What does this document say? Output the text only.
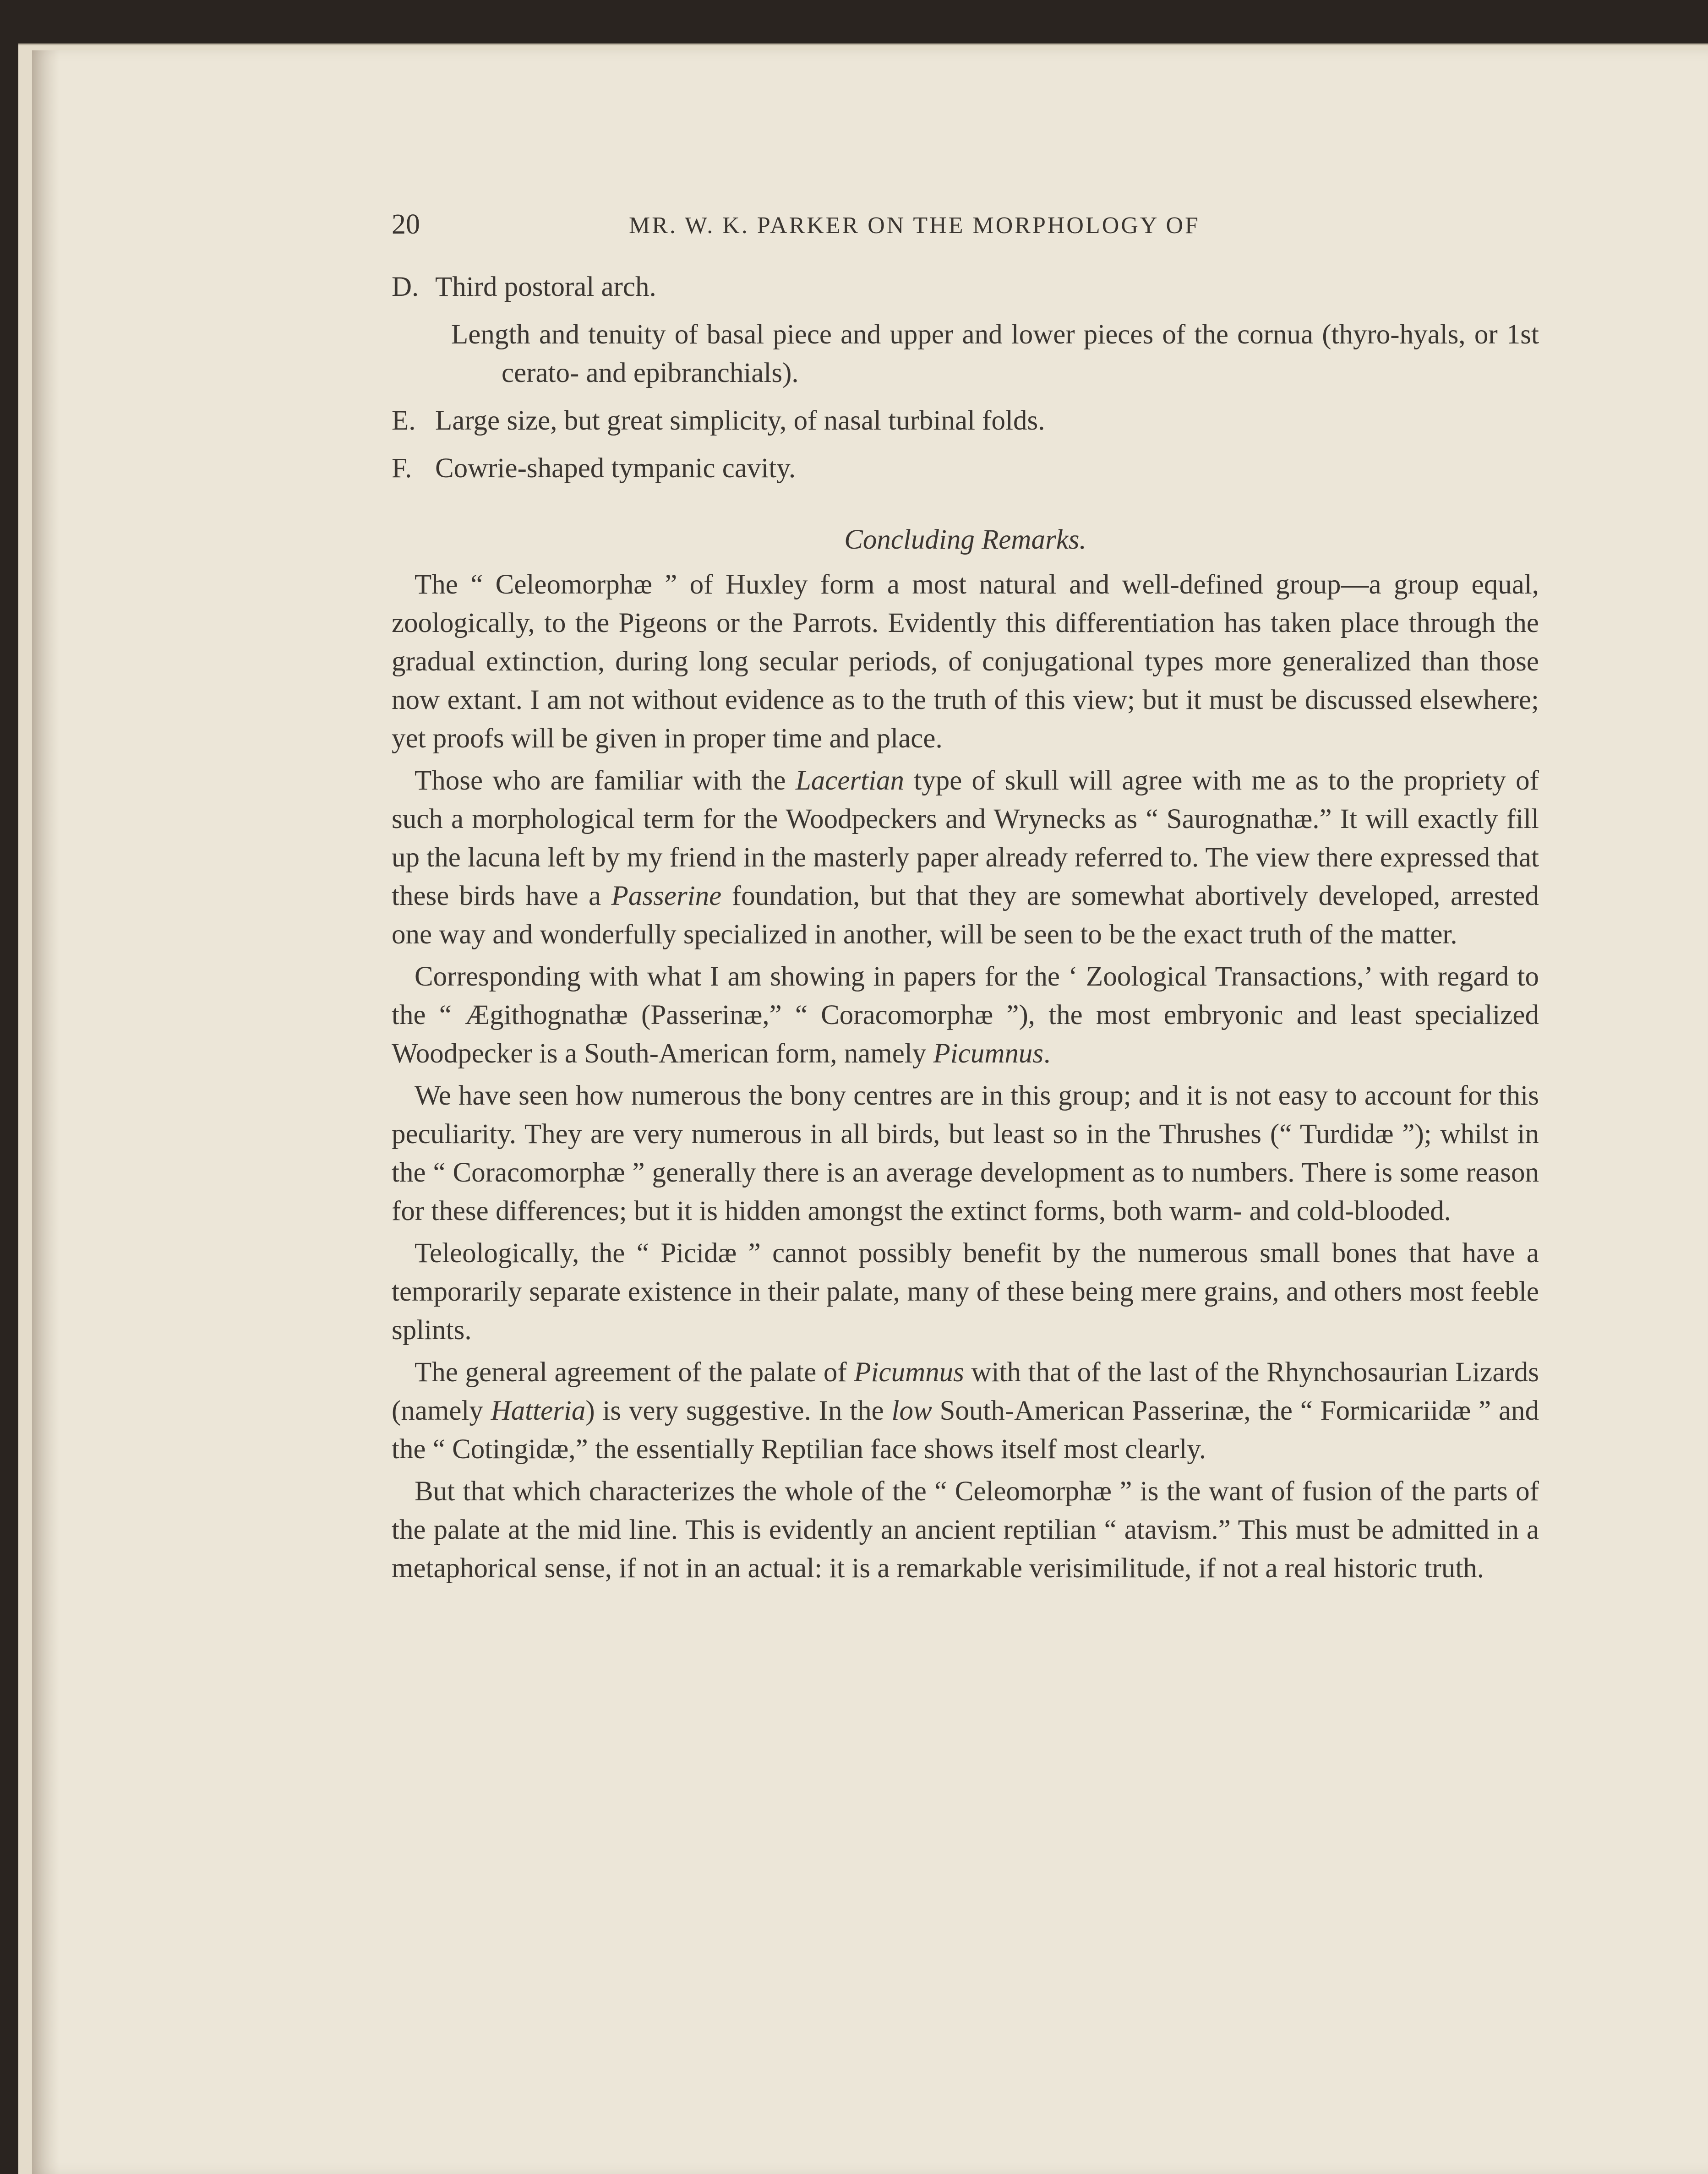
20	MR. W. K. PARKER ON THE MORPHOLOGY OF
D. Third postoral arch.
Length and tenuity of basal piece and upper and lower pieces of the cornua (thyro-hyals, or 1st cerato- and epibranchials).
E. Large size, but great simplicity, of nasal turbinal folds.
F. Cowrie-shaped tympanic cavity.
Concluding Remarks.

The “ Celeomorphæ ” of Huxley form a most natural and well-defined group—a group equal, zoologically, to the Pigeons or the Parrots. Evidently this differentiation has taken place through the gradual extinction, during long secular periods, of conjugational types more generalized than those now extant. I am not without evidence as to the truth of this view; but it must be discussed elsewhere; yet proofs will be given in proper time and place.

Those who are familiar with the Lacertian type of skull will agree with me as to the propriety of such a morphological term for the Woodpeckers and Wrynecks as “ Saurognathæ.” It will exactly fill up the lacuna left by my friend in the masterly paper already referred to. The view there expressed that these birds have a Passerine foundation, but that they are somewhat abortively developed, arrested one way and wonderfully specialized in another, will be seen to be the exact truth of the matter.

Corresponding with what I am showing in papers for the ‘ Zoological Transactions,’ with regard to the “ Ægithognathæ (Passerinæ,” “ Coracomorphæ ”), the most embryonic and least specialized Woodpecker is a South-American form, namely Picumnus.

We have seen how numerous the bony centres are in this group; and it is not easy to account for this peculiarity. They are very numerous in all birds, but least so in the Thrushes (“ Turdidæ ”); whilst in the “ Coracomorphæ ” generally there is an average development as to numbers. There is some reason for these differences; but it is hidden amongst the extinct forms, both warm- and cold-blooded.

Teleologically, the “ Picidæ ” cannot possibly benefit by the numerous small bones that have a temporarily separate existence in their palate, many of these being mere grains, and others most feeble splints.

The general agreement of the palate of Picumnus with that of the last of the Rhynchosaurian Lizards (namely Hatteria) is very suggestive. In the low South-American Passerinæ, the “ Formicariidæ ” and the “ Cotingidæ,” the essentially Reptilian face shows itself most clearly.

But that which characterizes the whole of the “ Celeomorphæ ” is the want of fusion of the parts of the palate at the mid line. This is evidently an ancient reptilian “ atavism.” This must be admitted in a metaphorical sense, if not in an actual: it is a remarkable verisimilitude, if not a real historic truth.
